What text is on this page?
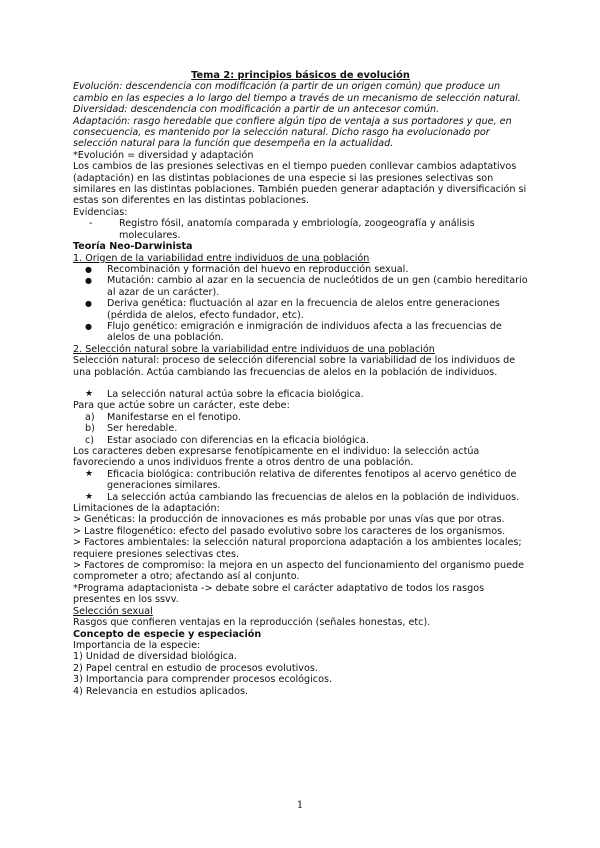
Tema 2: principios básicos de evolución
Evolución: descendencia con modificación (a partir de un origen común) que produce un cambio en las especies a lo largo del tiempo a través de un mecanismo de selección natural.
Diversidad: descendencia con modificación a partir de un antecesor común.
Adaptación: rasgo heredable que confiere algún tipo de ventaja a sus portadores y que, en consecuencia, es mantenido por la selección natural. Dicho rasgo ha evolucionado por selección natural para la función que desempeña en la actualidad.
*Evolución = diversidad y adaptación
Los cambios de las presiones selectivas en el tiempo pueden conllevar cambios adaptativos (adaptación) en las distintas poblaciones de una especie si las presiones selectivas son similares en las distintas poblaciones. También pueden generar adaptación y diversificación si estas son diferentes en las distintas poblaciones.
Evidencias:
- Registro fósil, anatomía comparada y embriología, zoogeografía y análisis moleculares.
Teoría Neo-Darwinista
1. Origen de la variabilidad entre individuos de una población
● Recombinación y formación del huevo en reproducción sexual.
● Mutación: cambio al azar en la secuencia de nucleótidos de un gen (cambio hereditario al azar de un carácter).
● Deriva genética: fluctuación al azar en la frecuencia de alelos entre generaciones (pérdida de alelos, efecto fundador, etc).
● Flujo genético: emigración e inmigración de individuos afecta a las frecuencias de alelos de una población.
2. Selección natural sobre la variabilidad entre individuos de una población
Selección natural: proceso de selección diferencial sobre la variabilidad de los individuos de una población. Actúa cambiando las frecuencias de alelos en la población de individuos.
★ La selección natural actúa sobre la eficacia biológica.
Para que actúe sobre un carácter, este debe:
a) Manifestarse en el fenotipo.
b) Ser heredable.
c) Estar asociado con diferencias en la eficacia biológica.
Los caracteres deben expresarse fenotípicamente en el individuo: la selección actúa favoreciendo a unos individuos frente a otros dentro de una población.
★ Eficacia biológica: contribución relativa de diferentes fenotipos al acervo genético de generaciones similares.
★ La selección actúa cambiando las frecuencias de alelos en la población de individuos.
Limitaciones de la adaptación:
> Genéticas: la producción de innovaciones es más probable por unas vías que por otras.
> Lastre filogenético: efecto del pasado evolutivo sobre los caracteres de los organismos.
> Factores ambientales: la selección natural proporciona adaptación a los ambientes locales; requiere presiones selectivas ctes.
> Factores de compromiso: la mejora en un aspecto del funcionamiento del organismo puede comprometer a otro; afectando así al conjunto.
*Programa adaptacionista -> debate sobre el carácter adaptativo de todos los rasgos presentes en los ssvv.
Selección sexual
Rasgos que confieren ventajas en la reproducción (señales honestas, etc).
Concepto de especie y especiación
Importancia de la especie:
1) Unidad de diversidad biológica.
2) Papel central en estudio de procesos evolutivos.
3) Importancia para comprender procesos ecológicos.
4) Relevancia en estudios aplicados.
1
